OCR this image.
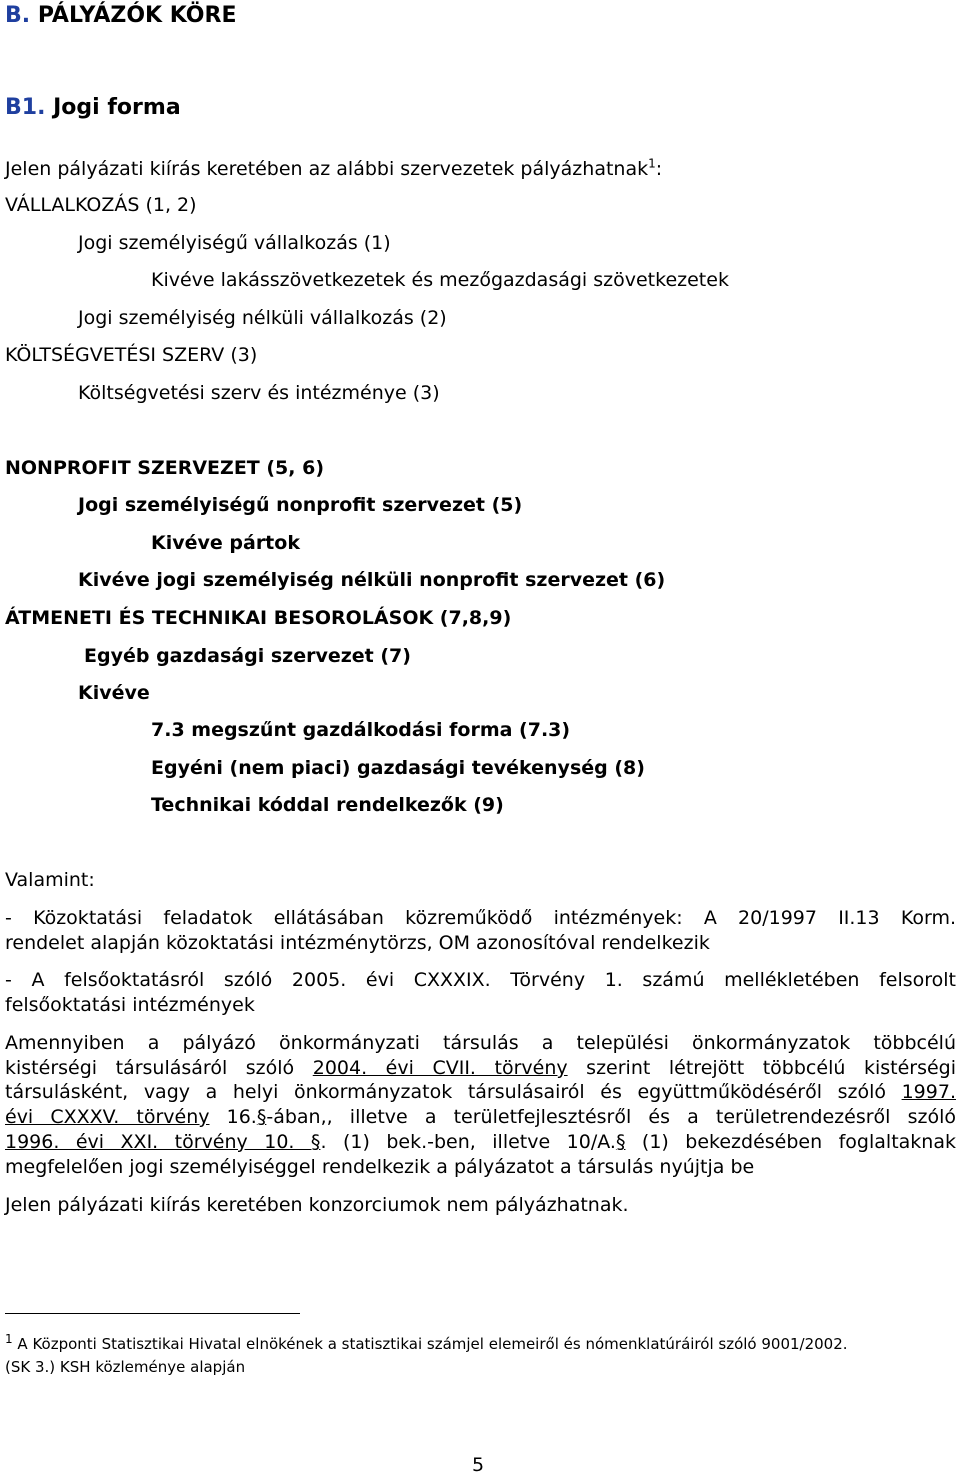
B. PÁLYÁZÓK KÖRE
B1. Jogi forma
Jelen pályázati kiírás keretében az alábbi szervezetek pályázhatnak$^1$:
VÁLLALKOZÁS (1, 2)
Jogi személyiségű vállalkozás (1)
Kivéve lakásszövetkezetek és mezőgazdasági szövetkezetek
Jogi személyiség nélküli vállalkozás (2)
KÖLTSÉGVETÉSI SZERV (3)
Költségvetési szerv és intézménye (3)
NONPROFIT SZERVEZET (5, 6)
Jogi személyiségű nonprofit szervezet (5)
Kivéve pártok
Kivéve jogi személyiség nélküli nonprofit szervezet (6)
ÁTMENETI ÉS TECHNIKAI BESOROLÁSOK (7,8,9)
Egyéb gazdasági szervezet (7)
Kivéve
7.3 megszűnt gazdálkodási forma (7.3)
Egyéni (nem piaci) gazdasági tevékenység (8)
Technikai kóddal rendelkezők (9)
Valamint:
- Közoktatási feladatok ellátásában közreműködő intézmények: A 20/1997 II.13 Korm.
rendelet alapján közoktatási intézménytörzs, OM azonosítóval rendelkezik
- A felsőoktatásról szóló 2005. évi CXXXIX. Törvény 1. számú mellékletében felsorolt
felsőoktatási intézmények
Amennyiben a pályázó önkormányzati társulás a települési önkormányzatok többcélú
kistérségi társulásáról szóló 2004. évi CVII. törvény szerint létrejött többcélú kistérségi
társulásként, vagy a helyi önkormányzatok társulásairól és együttműködéséről szóló 1997.
évi CXXXV. törvény 16.§-ában,, illetve a területfejlesztésről és a területrendezésről szóló
1996. évi XXI. törvény 10. §. (1) bek.-ben, illetve 10/A.§ (1) bekezdésében foglaltaknak
megfelelően jogi személyiséggel rendelkezik a pályázatot a társulás nyújtja be
Jelen pályázati kiírás keretében konzorciumok nem pályázhatnak.
$^1$ A Központi Statisztikai Hivatal elnökének a statisztikai számjel elemeiről és nómenklatúráiról szóló 9001/2002.
(SK 3.) KSH közleménye alapján
5
